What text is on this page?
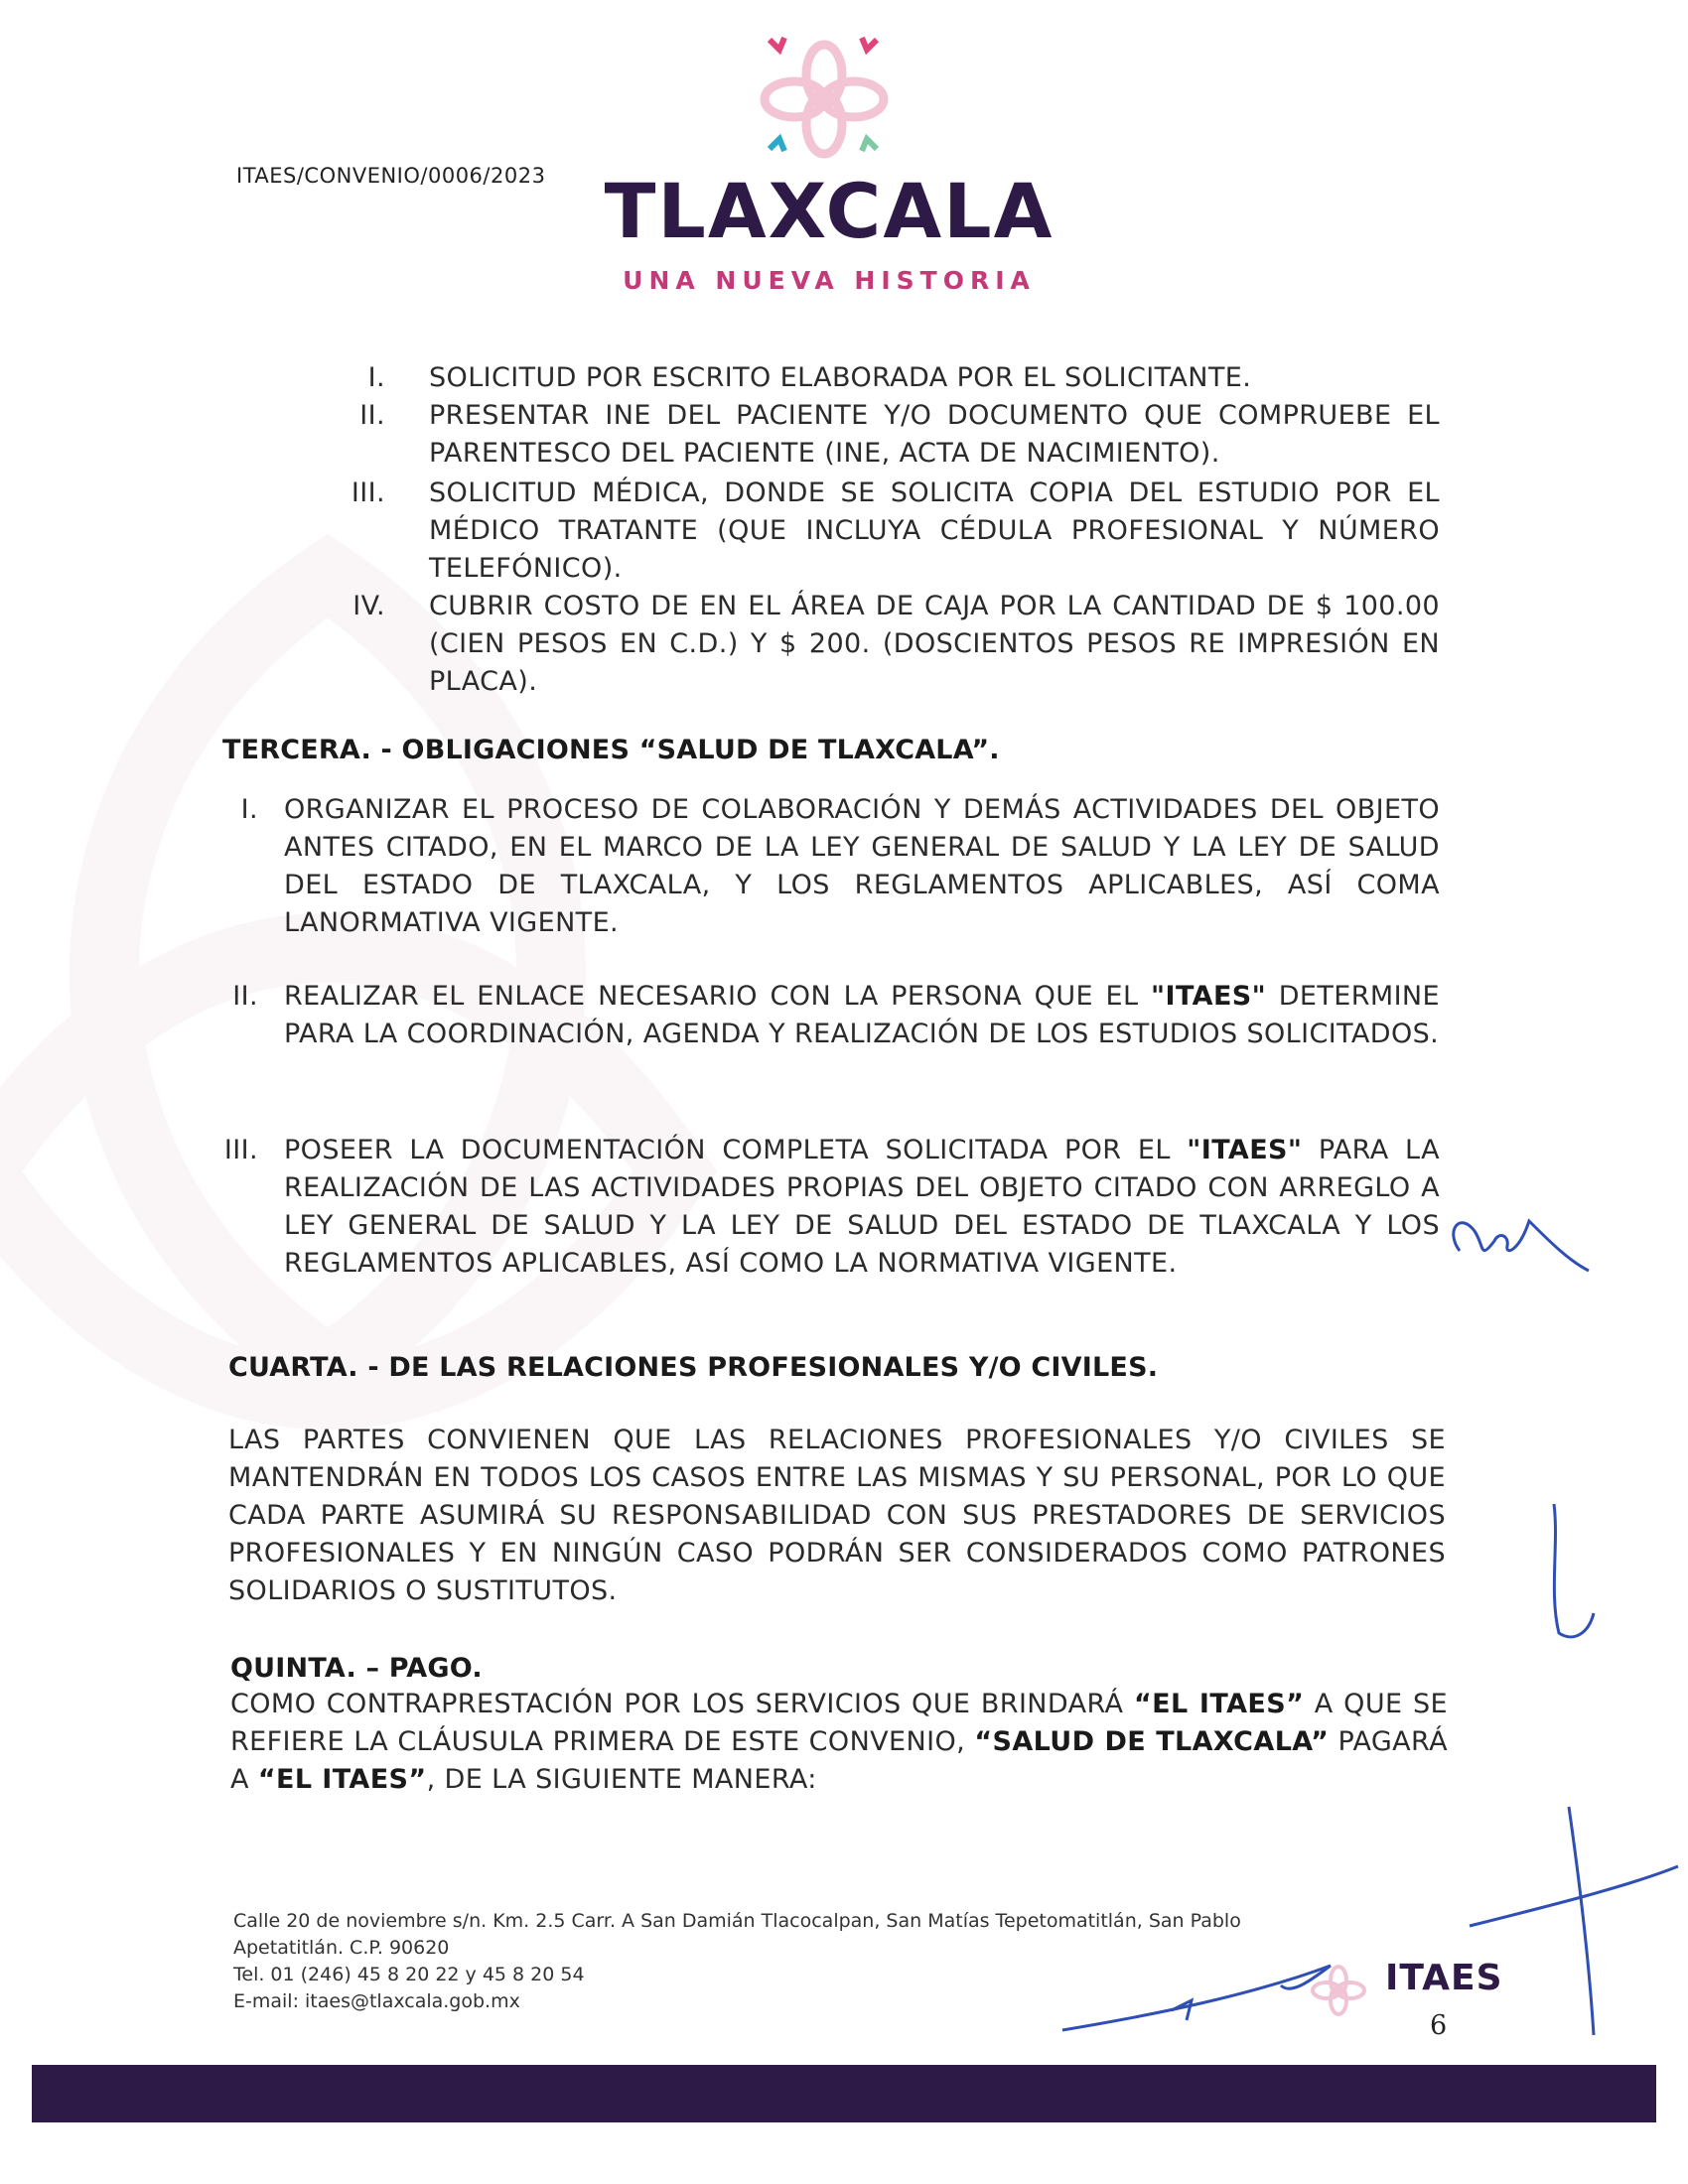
ITAES/CONVENIO/0006/2023 TLAXCALA
UNA NUEVA HISTORIA
I. SOLICITUD POR ESCRITO ELABORADA POR EL SOLICITANTE.
II. PRESENTAR INE DEL PACIENTE Y/O DOCUMENTO QUE COMPRUEBE EL PARENTESCO DEL PACIENTE (INE, ACTA DE NACIMIENTO).
III. SOLICITUD MÉDICA, DONDE SE SOLICITA COPIA DEL ESTUDIO POR EL MÉDICO TRATANTE (QUE INCLUYA CÉDULA PROFESIONAL Y NÚMERO TELEFÓNICO).
IV. CUBRIR COSTO DE EN EL ÁREA DE CAJA POR LA CANTIDAD DE $ 100.00 (CIEN PESOS EN C.D.) Y $ 200. (DOSCIENTOS PESOS RE IMPRESIÓN EN PLACA).
TERCERA. - OBLIGACIONES “SALUD DE TLAXCALA”.
I. ORGANIZAR EL PROCESO DE COLABORACIÓN Y DEMÁS ACTIVIDADES DEL OBJETO ANTES CITADO, EN EL MARCO DE LA LEY GENERAL DE SALUD Y LA LEY DE SALUD DEL ESTADO DE TLAXCALA, Y LOS REGLAMENTOS APLICABLES, ASÍ COMA LANORMATIVA VIGENTE.
II. REALIZAR EL ENLACE NECESARIO CON LA PERSONA QUE EL "ITAES" DETERMINE PARA LA COORDINACIÓN, AGENDA Y REALIZACIÓN DE LOS ESTUDIOS SOLICITADOS.
III. POSEER LA DOCUMENTACIÓN COMPLETA SOLICITADA POR EL "ITAES" PARA LA REALIZACIÓN DE LAS ACTIVIDADES PROPIAS DEL OBJETO CITADO CON ARREGLO A LEY GENERAL DE SALUD Y LA LEY DE SALUD DEL ESTADO DE TLAXCALA Y LOS REGLAMENTOS APLICABLES, ASÍ COMO LA NORMATIVA VIGENTE.
CUARTA. - DE LAS RELACIONES PROFESIONALES Y/O CIVILES.
LAS PARTES CONVIENEN QUE LAS RELACIONES PROFESIONALES Y/O CIVILES SE MANTENDRÁN EN TODOS LOS CASOS ENTRE LAS MISMAS Y SU PERSONAL, POR LO QUE CADA PARTE ASUMIRÁ SU RESPONSABILIDAD CON SUS PRESTADORES DE SERVICIOS PROFESIONALES Y EN NINGÚN CASO PODRÁN SER CONSIDERADOS COMO PATRONES SOLIDARIOS O SUSTITUTOS.
QUINTA. – PAGO.
COMO CONTRAPRESTACIÓN POR LOS SERVICIOS QUE BRINDARÁ “EL ITAES” A QUE SE REFIERE LA CLÁUSULA PRIMERA DE ESTE CONVENIO, “SALUD DE TLAXCALA” PAGARÁ A “EL ITAES”, DE LA SIGUIENTE MANERA:
Calle 20 de noviembre s/n. Km. 2.5 Carr. A San Damián Tlacocalpan, San Matías Tepetomatitlán, San Pablo
Apetatitlán. C.P. 90620
Tel. 01 (246) 45 8 20 22 y 45 8 20 54
E-mail: itaes@tlaxcala.gob.mx
ITAES
6
